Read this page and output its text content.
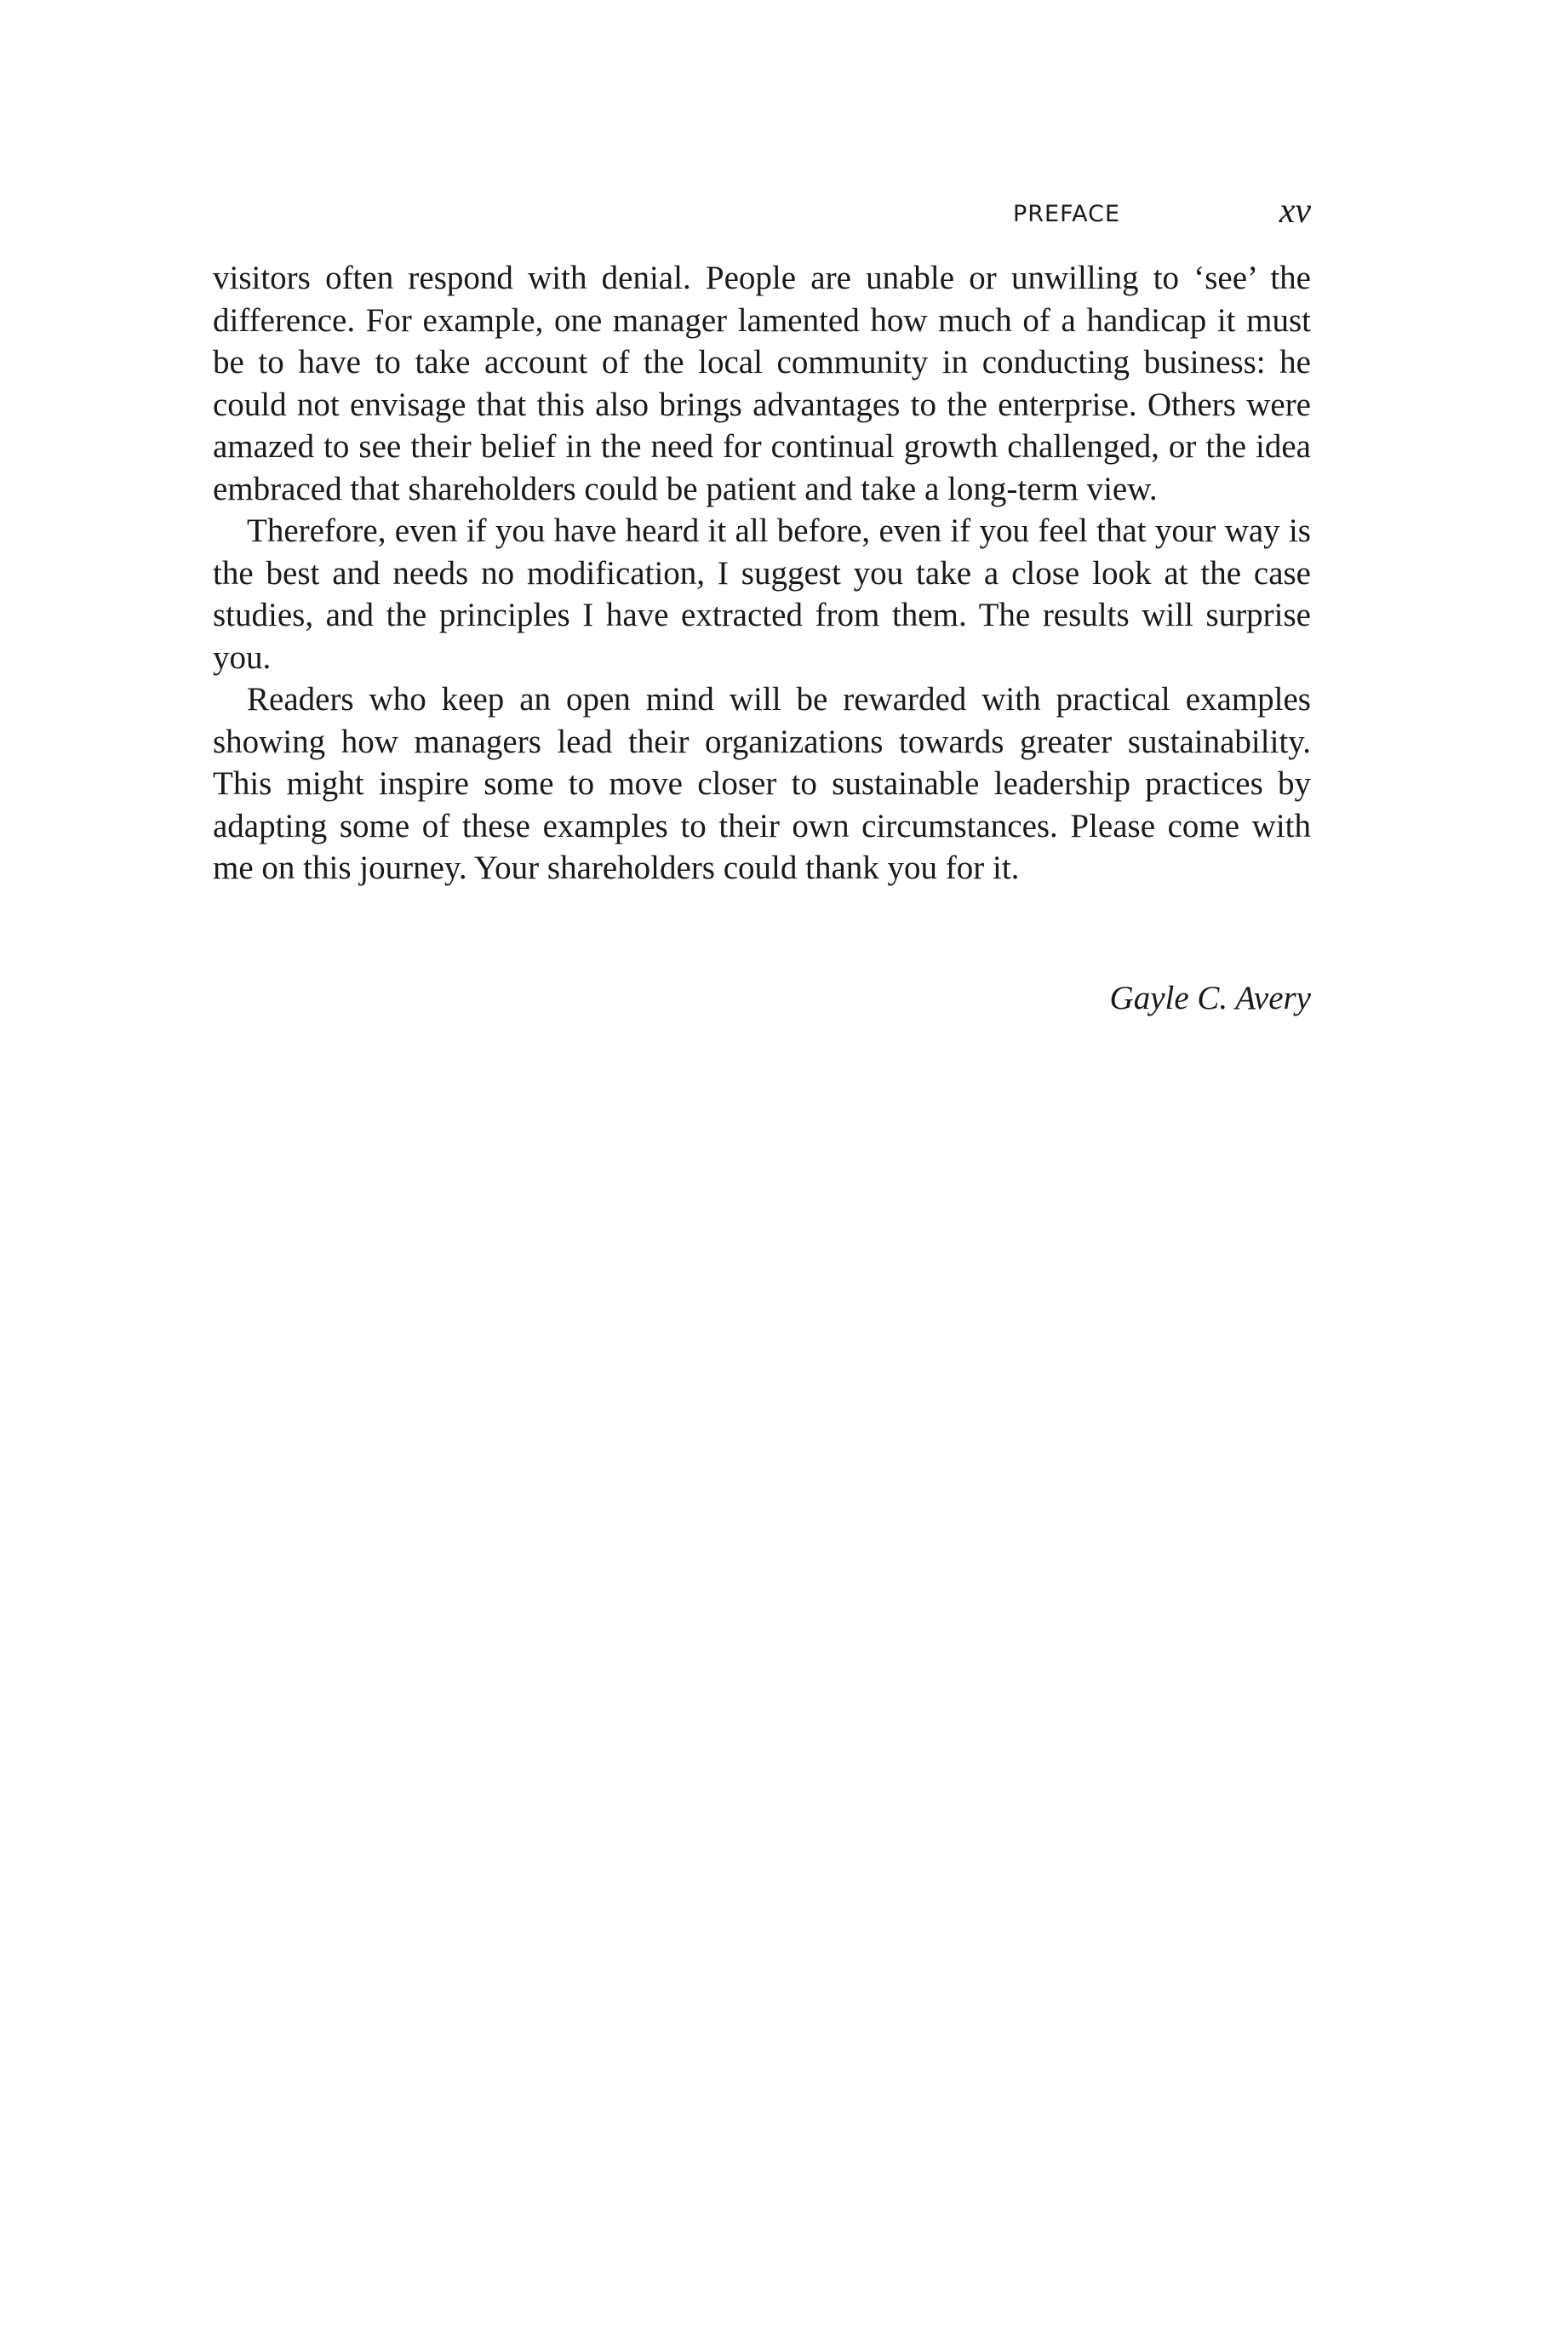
PREFACE	xv

visitors often respond with denial. People are unable or unwilling to ‘see’ the difference. For example, one manager lamented how much of a handicap it must be to have to take account of the local community in conducting business: he could not envisage that this also brings advantages to the enterprise. Others were amazed to see their belief in the need for continual growth challenged, or the idea embraced that shareholders could be patient and take a long-term view.

Therefore, even if you have heard it all before, even if you feel that your way is the best and needs no modification, I suggest you take a close look at the case studies, and the principles I have extracted from them. The results will surprise you.

Readers who keep an open mind will be rewarded with practical examples showing how managers lead their organizations towards greater sustainability. This might inspire some to move closer to sustainable leadership practices by adapting some of these examples to their own circumstances. Please come with me on this journey. Your shareholders could thank you for it.

Gayle C. Avery
